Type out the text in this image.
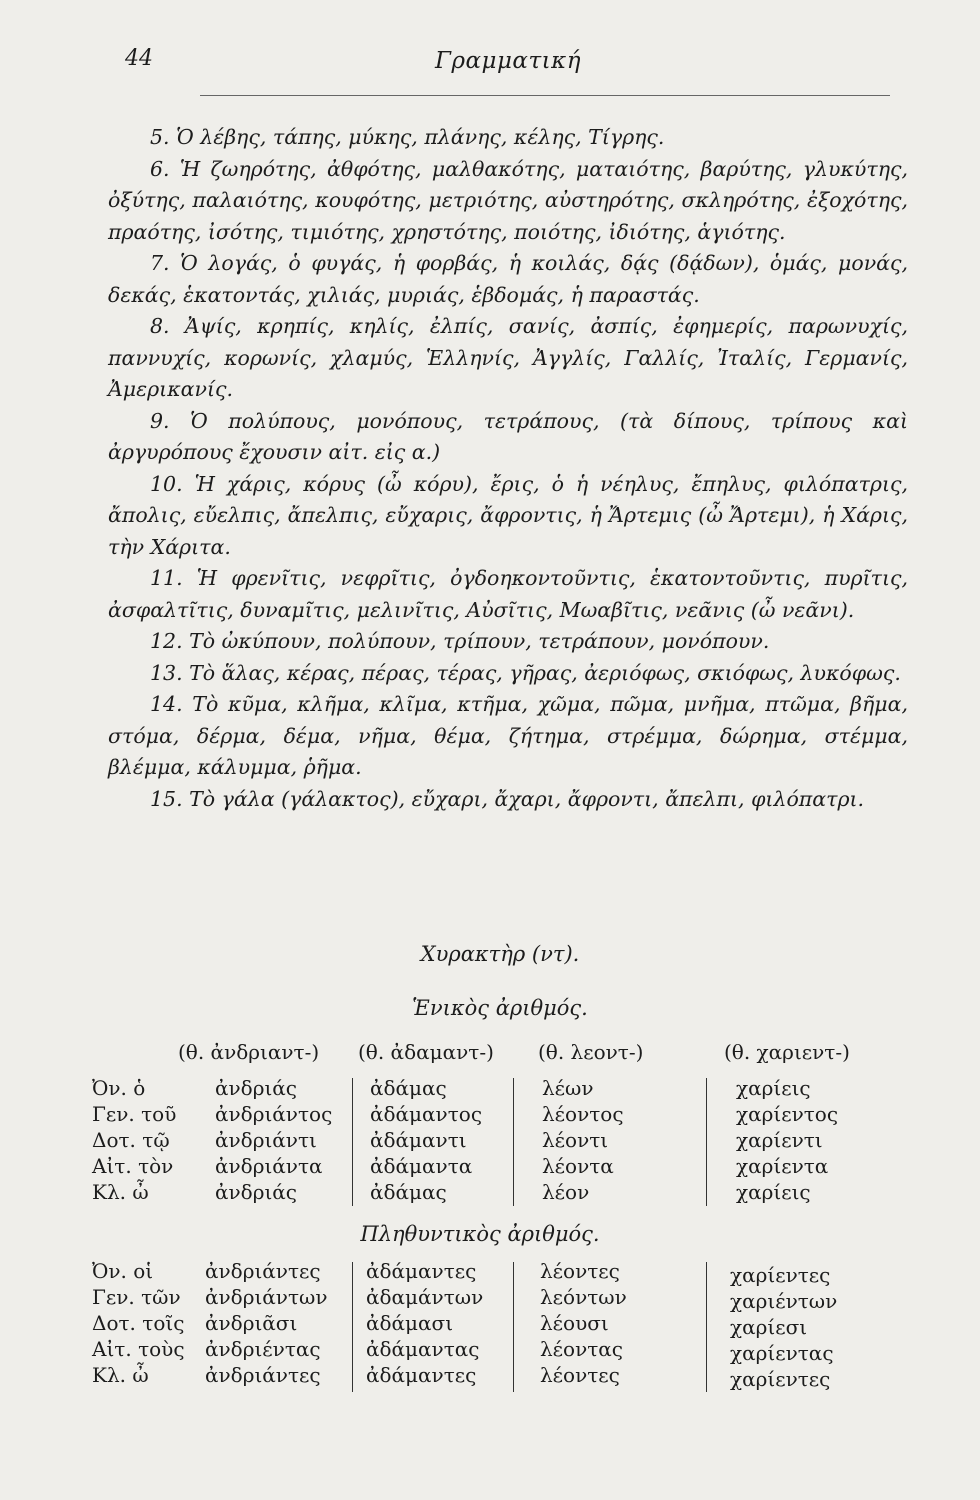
44	Γραμματική

5. Ὁ λέβης, τάπης, μύκης, πλάνης, κέλης, Τίγρης.

6. Ἡ ζωηρότης, ἀθφότης, μαλθακότης, ματαιότης, βαρύτης, γλυκύτης, ὀξύτης, παλαιότης, κουφότης, μετριότης, αὐστηρότης, σκληρότης, ἐξοχότης, πραότης, ἰσότης, τιμιότης, χρηστότης, ποιότης, ἰδιότης, ἁγιότης.

7. Ὁ λογάς, ὁ φυγάς, ἡ φορβάς, ἡ κοιλάς, δᾴς (δᾴδων), ὁμάς, μονάς, δεκάς, ἑκατοντάς, χιλιάς, μυριάς, ἑβδομάς, ἡ παραστάς.

8. Ἀψίς, κρηπίς, κηλίς, ἐλπίς, σανίς, ἀσπίς, ἐφημερίς, παρωνυχίς, παννυχίς, κορωνίς, χλαμύς, Ἑλληνίς, Ἀγγλίς, Γαλλίς, Ἰταλίς, Γερμανίς, Ἀμερικανίς.

9. Ὁ πολύπους, μονόπους, τετράπους, (τὰ δίπους, τρίπους καὶ ἀργυρόπους ἔχουσιν αἰτ. εἰς α.)

10. Ἡ χάρις, κόρυς (ὦ κόρυ), ἔρις, ὁ ἡ νέηλυς, ἔπηλυς, φιλόπατρις, ἄπολις, εὔελπις, ἄπελπις, εὔχαρις, ἄφροντις, ἡ Ἄρτεμις (ὦ Ἄρτεμι), ἡ Χάρις, τὴν Χάριτα.

11. Ἡ φρενῖτις, νεφρῖτις, ὀγδοηκοντοῦντις, ἑκατοντοῦντις, πυρῖτις, ἀσφαλτῖτις, δυναμῖτις, μελινῖτις, Αὐσῖτις, Μωαβῖτις, νεᾶνις (ὦ νεᾶνι).

12. Τὸ ὠκύπουν, πολύπουν, τρίπουν, τετράπουν, μονόπουν.

13. Τὸ ἅλας, κέρας, πέρας, τέρας, γῆρας, ἀεριόφως, σκιόφως, λυκόφως.

14. Τὸ κῦμα, κλῆμα, κλῖμα, κτῆμα, χῶμα, πῶμα, μνῆμα, πτῶμα, βῆμα, στόμα, δέρμα, δέμα, νῆμα, θέμα, ζήτημα, στρέμμα, δώρημα, στέμμα, βλέμμα, κάλυμμα, ῥῆμα.

15. Τὸ γάλα (γάλακτος), εὔχαρι, ἄχαρι, ἄφροντι, ἄπελπι, φιλόπατρι.

Χυρακτὴρ (ντ).
Ἑνικὸς ἀριθμός.
(θ. ἀνδριαντ-) (θ. ἀδαμαντ-) (θ. λεοντ-)	(θ. χαριεντ-)
Ὀν. ὁ
Γεν. τοῦ
Δοτ. τῷ
Αἰτ. τὸν
Κλ. ὦ
ἀνδριάς
ἀνδριάντος
ἀνδριάντι
ἀνδριάντα
ἀνδριάς
ἀδάμας
ἀδάμαντος
ἀδάμαντι
ἀδάμαντα
ἀδάμας
λέων
λέοντος
λέοντι
λέοντα
λέον
χαρίεις
χαρίεντος
χαρίεντι
χαρίεντα
χαρίεις
Πληθυντικὸς ἀριθμός.
Ὀν. οἱ
Γεν. τῶν
Δοτ. τοῖς
Αἰτ. τοὺς
Κλ. ὦ
ἀνδριάντες
ἀνδριάντων
ἀνδριᾶσι
ἀνδριέντας
ἀνδριάντες
ἀδάμαντες
ἀδαμάντων
ἀδάμασι
ἀδάμαντας
ἀδάμαντες
λέοντες
λεόντων
λέουσι
λέοντας
λέοντες
χαρίεντες
χαριέντων
χαρίεσι
χαρίεντας
χαρίεντες
